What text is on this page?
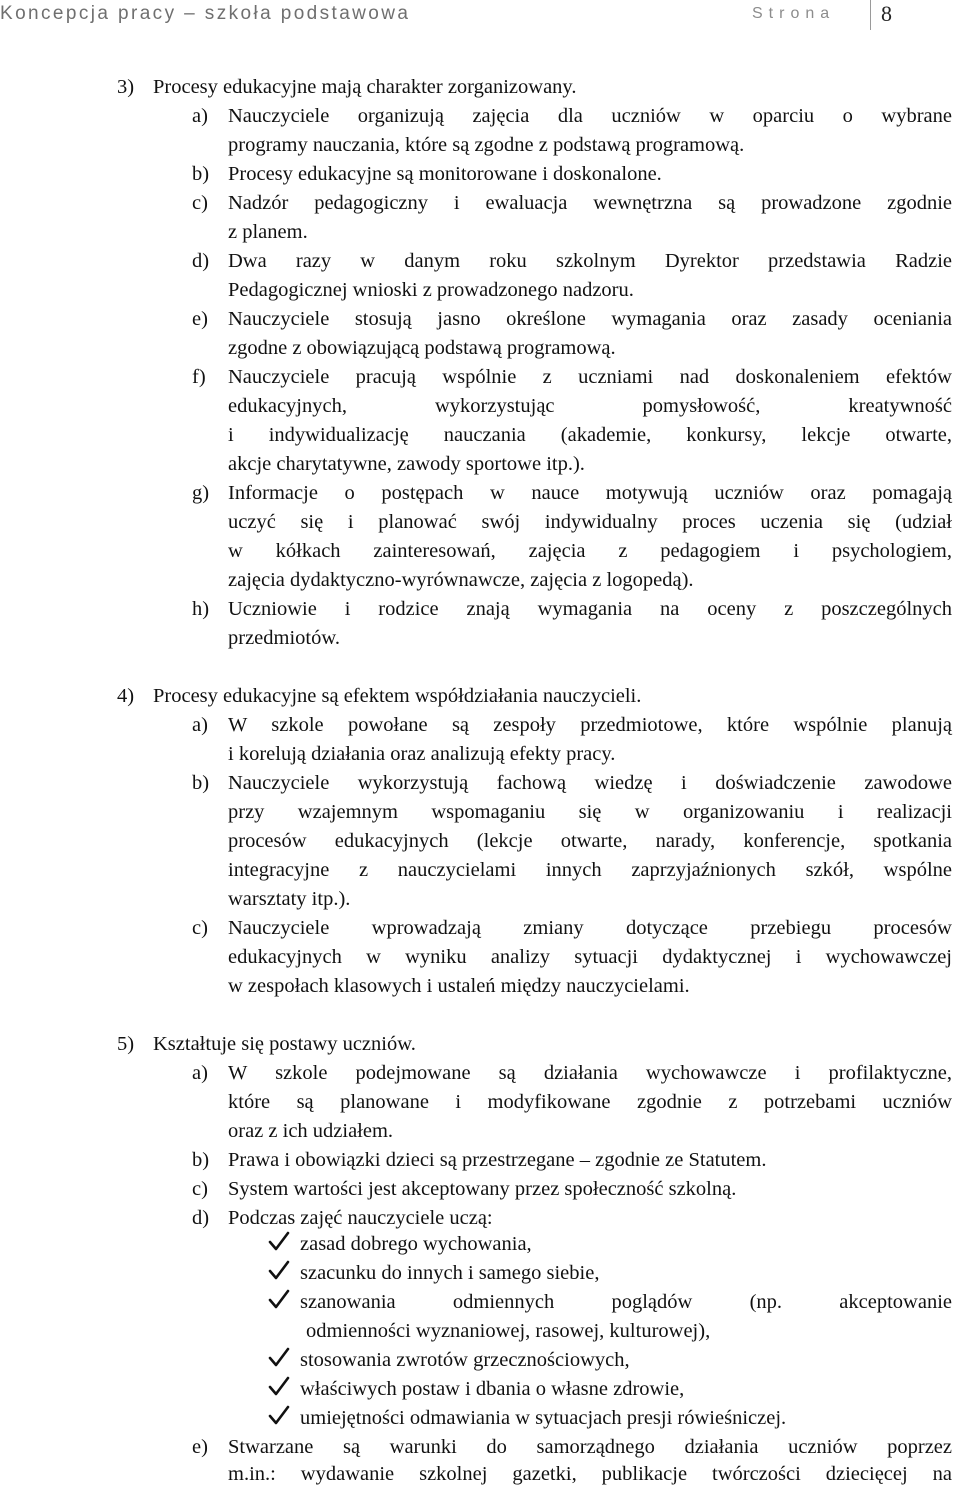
Koncepcja pracy – szkoła podstawowa	Strona 8
3) Procesy edukacyjne mają charakter zorganizowany.
a) Nauczyciele organizują zajęcia dla uczniów w oparciu o wybrane
programy nauczania, które są zgodne z podstawą programową.
b) Procesy edukacyjne są monitorowane i doskonalone.
c) Nadzór pedagogiczny i ewaluacja wewnętrzna są prowadzone zgodnie
z planem.
d) Dwa razy w danym roku szkolnym Dyrektor przedstawia Radzie
Pedagogicznej wnioski z prowadzonego nadzoru.
e) Nauczyciele stosują jasno określone wymagania oraz zasady oceniania
zgodne z obowiązującą podstawą programową.
f) Nauczyciele pracują wspólnie z uczniami nad doskonaleniem efektów
edukacyjnych, wykorzystując pomysłowość, kreatywność
i indywidualizację nauczania (akademie, konkursy, lekcje otwarte,
akcje charytatywne, zawody sportowe itp.).
g) Informacje o postępach w nauce motywują uczniów oraz pomagają
uczyć się i planować swój indywidualny proces uczenia się (udział
w kółkach zainteresowań, zajęcia z pedagogiem i psychologiem,
zajęcia dydaktyczno-wyrównawcze, zajęcia z logopedą).
h) Uczniowie i rodzice znają wymagania na oceny z poszczególnych
przedmiotów.
4) Procesy edukacyjne są efektem współdziałania nauczycieli.
a) W szkole powołane są zespoły przedmiotowe, które wspólnie planują
i korelują działania oraz analizują efekty pracy.
b) Nauczyciele wykorzystują fachową wiedzę i doświadczenie zawodowe
przy wzajemnym wspomaganiu się w organizowaniu i realizacji
procesów edukacyjnych (lekcje otwarte, narady, konferencje, spotkania
integracyjne z nauczycielami innych zaprzyjaźnionych szkół, wspólne
warsztaty itp.).
c) Nauczyciele wprowadzają zmiany dotyczące przebiegu procesów
edukacyjnych w wyniku analizy sytuacji dydaktycznej i wychowawczej
w zespołach klasowych i ustaleń między nauczycielami.
5) Kształtuje się postawy uczniów.
a) W szkole podejmowane są działania wychowawcze i profilaktyczne,
które są planowane i modyfikowane zgodnie z potrzebami uczniów
oraz z ich udziałem.
b) Prawa i obowiązki dzieci są przestrzegane – zgodnie ze Statutem.
c) System wartości jest akceptowany przez społeczność szkolną.
d) Podczas zajęć nauczyciele uczą:
zasad dobrego wychowania,
szacunku do innych i samego siebie,
szanowania odmiennych poglądów (np. akceptowanie
odmienności wyznaniowej, rasowej, kulturowej),
stosowania zwrotów grzecznościowych,
właściwych postaw i dbania o własne zdrowie,
umiejętności odmawiania w sytuacjach presji rówieśniczej.
e) Stwarzane są warunki do samorządnego działania uczniów poprzez
m.in.: wydawanie szkolnej gazetki, publikacje twórczości dziecięcej na
